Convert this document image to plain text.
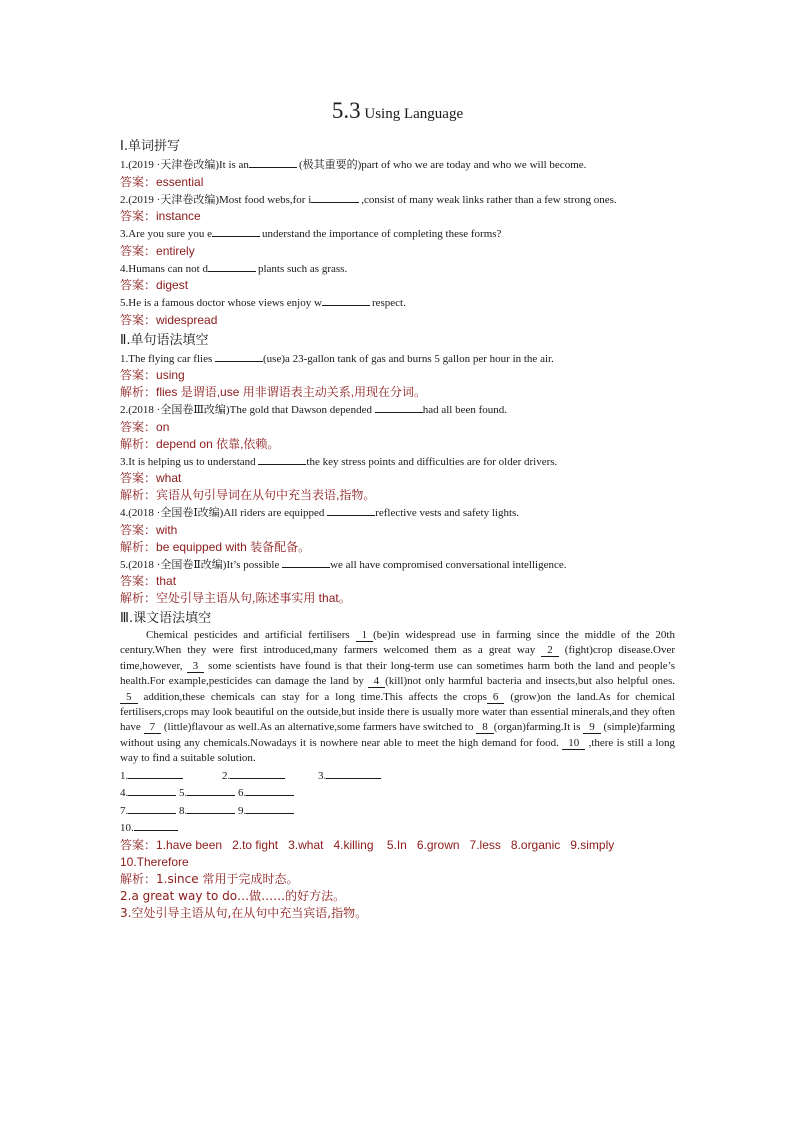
5.3 Using Language

Ⅰ.单词拼写

1.(2019 ·天津卷改编)It is an	(极其重要的)part of who we are today and who we will become.

答案：essential

2.(2019 ·天津卷改编)Most food webs,for i	,consist of many weak links rather than a few strong ones.

答案：instance

3.Are you sure you e	understand the importance of completing these forms?

答案：entirely

4.Humans can not d	plants such as grass.

答案：digest

5.He is a famous doctor whose views enjoy w	respect.

答案：widespread

Ⅱ.单句语法填空

1.The flying car flies	(use)a 23-gallon tank of gas and burns 5 gallon per hour in the air.

答案：using

解析：flies 是谓语,use 用非谓语表主动关系,用现在分词。

2.(2018 ·全国卷Ⅲ改编)The gold that Dawson depended	had all been found.

答案：on

解析：depend on 依靠,依赖。

3.It is helping us to understand	the key stress points and difficulties are for older drivers.

答案：what

解析：宾语从句引导词在从句中充当表语,指物。

4.(2018 ·全国卷Ⅰ改编)All riders are equipped	reflective vests and safety lights.

答案：with

解析：be equipped with 装备配备。

5.(2018 ·全国卷Ⅱ改编)It’s possible	we all have compromised conversational intelligence.

答案：that

解析：空处引导主语从句,陈述事实用 that。

Ⅲ.课文语法填空

Chemical pesticides and artificial fertilisers 1 (be)in widespread use in farming since the middle of the 20th century.When they were first introduced,many farmers welcomed them as a great way 2 (fight)crop disease.Over time,however, 3 some scientists have found is that their long-term use can sometimes harm both the land and people’s health.For example,pesticides can damage the land by 4 (kill)not only harmful bacteria and insects,but also helpful ones. 5 addition,these chemicals can stay for a long time.This affects the crops 6 (grow)on the land.As for chemical fertilisers,crops may look beautiful on the outside,but inside there is usually more water than essential minerals,and they often have 7 (little)flavour as well.As an alternative,some farmers have switched to 8 (organ)farming.It is 9 (simple)farming without using any chemicals.Nowadays it is nowhere near able to meet the high demand for food. 10 ,there is still a long way to find a suitable solution.

1.	2.	3.
4.	5.	6.
7.	8.	9.
10.

答案：1.have been   2.to fight   3.what   4.killing    5.In   6.grown   7.less   8.organic   9.simply

10.Therefore

解析：1.since 常用于完成时态。

2.a great way to do…做……的好方法。

3.空处引导主语从句,在从句中充当宾语,指物。
